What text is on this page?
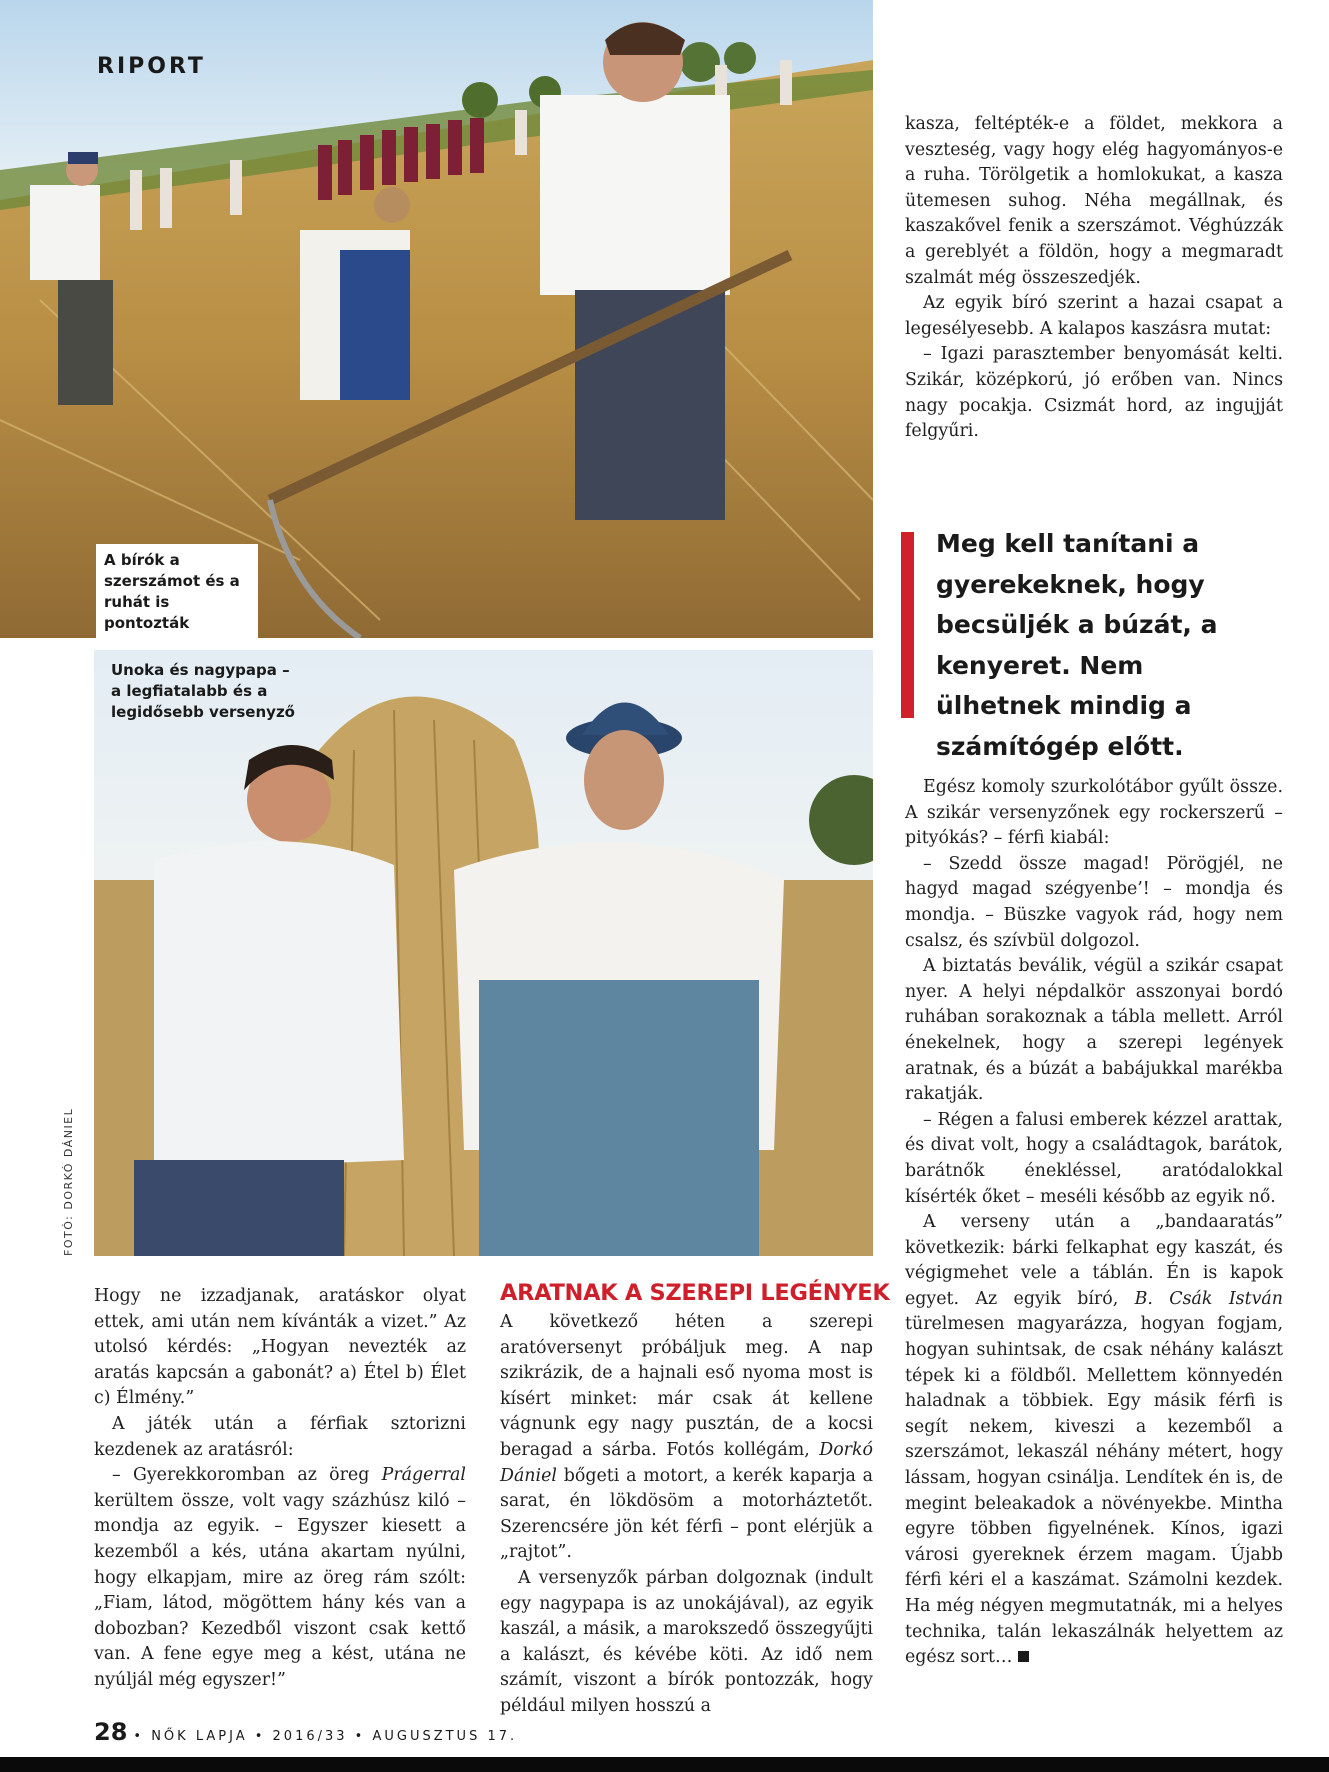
RIPORT
A bírók a szerszámot és a ruhát is pontozták
Unoka és nagypapa – a legfiatalabb és a legidősebb versenyző
FOTÓ: DORKÓ DÁNIEL

kasza, feltépték-e a földet, mekkora a veszteség, vagy hogy elég hagyományos-e a ruha. Törölgetik a homlokukat, a kasza ütemesen suhog. Néha megállnak, és kaszakővel fenik a szerszámot. Véghúzzák a gereblyét a földön, hogy a megmaradt szalmát még összeszedjék.

Az egyik bíró szerint a hazai csapat a legesélyesebb. A kalapos kaszásra mutat:

– Igazi parasztember benyomását kelti. Szikár, középkorú, jó erőben van. Nincs nagy pocakja. Csizmát hord, az ingujját felgyűri.

Meg kell tanítani a gyerekeknek, hogy becsüljék a búzát, a kenyeret. Nem ülhetnek mindig a számítógép előtt.

Egész komoly szurkolótábor gyűlt össze. A szikár versenyzőnek egy rockerszerű – pityókás? – férfi kiabál:

– Szedd össze magad! Pörögjél, ne hagyd magad szégyenbe’! – mondja és mondja. – Büszke vagyok rád, hogy nem csalsz, és szívbül dolgozol.

A biztatás beválik, végül a szikár csapat nyer. A helyi népdalkör asszonyai bordó ruhában sorakoznak a tábla mellett. Arról énekelnek, hogy a szerepi legények aratnak, és a búzát a babájukkal marékba rakatják.

– Régen a falusi emberek kézzel arattak, és divat volt, hogy a családtagok, barátok, barátnők énekléssel, aratódalokkal kísérték őket – meséli később az egyik nő.

A verseny után a „bandaaratás” következik: bárki felkaphat egy kaszát, és végigmehet vele a táblán. Én is kapok egyet. Az egyik bíró, B. Csák István türelmesen magyarázza, hogyan fogjam, hogyan suhintsak, de csak néhány kalászt tépek ki a földből. Mellettem könnyedén haladnak a többiek. Egy másik férfi is segít nekem, kiveszi a kezemből a szerszámot, lekaszál néhány métert, hogy lássam, hogyan csinálja. Lendítek én is, de megint beleakadok a növényekbe. Mintha egyre többen figyelnének. Kínos, igazi városi gyereknek érzem magam. Újabb férfi kéri el a kaszámat. Számolni kezdek. Ha még négyen megmutatnák, mi a helyes technika, talán lekaszálnák helyettem az egész sort…

Hogy ne izzadjanak, aratáskor olyat ettek, ami után nem kívánták a vizet.” Az utolsó kérdés: „Hogyan nevezték az aratás kapcsán a gabonát? a) Étel b) Élet c) Élmény.”

A játék után a férfiak sztorizni kezdenek az aratásról:

– Gyerekkoromban az öreg Prágerral kerültem össze, volt vagy százhúsz kiló – mondja az egyik. – Egyszer kiesett a kezemből a kés, utána akartam nyúlni, hogy elkapjam, mire az öreg rám szólt: „Fiam, látod, mögöttem hány kés van a dobozban? Kezedből viszont csak kettő van. A fene egye meg a kést, utána ne nyúljál még egyszer!”

ARATNAK A SZEREPI LEGÉNYEK

A következő héten a szerepi aratóversenyt próbáljuk meg. A nap szikrázik, de a hajnali eső nyoma most is kísért minket: már csak át kellene vágnunk egy nagy pusztán, de a kocsi beragad a sárba. Fotós kollégám, Dorkó Dániel bőgeti a motort, a kerék kaparja a sarat, én lökdösöm a motorháztetőt. Szerencsére jön két férfi – pont elérjük a „rajtot”.

A versenyzők párban dolgoznak (indult egy nagypapa is az unokájával), az egyik kaszál, a másik, a marokszedő összegyűjti a kalászt, és kévébe köti. Az idő nem számít, viszont a bírók pontozzák, hogy például milyen hosszú a

28 • NŐK LAPJA • 2016/33 • AUGUSZTUS 17.
